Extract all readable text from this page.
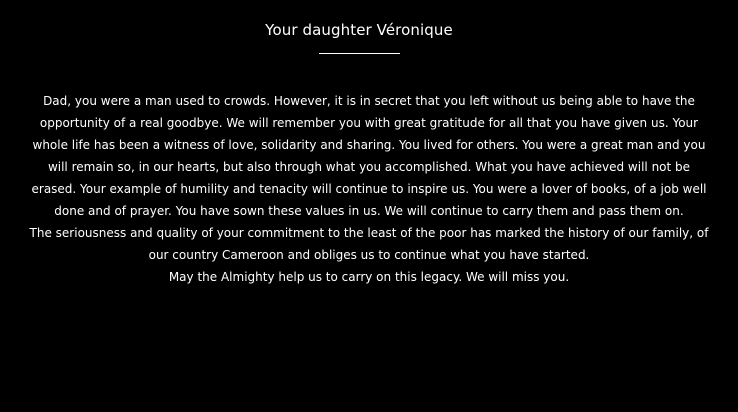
Your daughter Véronique

Dad, you were a man used to crowds. However, it is in secret that you left without us being able to have the opportunity of a real goodbye. We will remember you with great gratitude for all that you have given us. Your whole life has been a witness of love, solidarity and sharing. You lived for others. You were a great man and you will remain so, in our hearts, but also through what you accomplished. What you have achieved will not be erased. Your example of humility and tenacity will continue to inspire us. You were a lover of books, of a job well done and of prayer. You have sown these values in us. We will continue to carry them and pass them on.

The seriousness and quality of your commitment to the least of the poor has marked the history of our family, of our country Cameroon and obliges us to continue what you have started.

May the Almighty help us to carry on this legacy. We will miss you.
